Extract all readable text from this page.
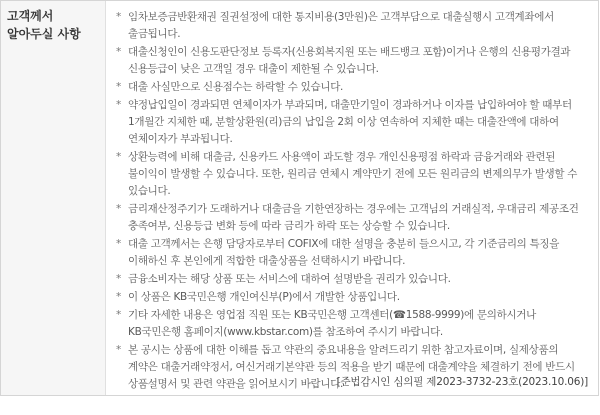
고객께서 알아두실 사항

* 임차보증금반환채권 질권설정에 대한 통지비용(3만원)은 고객부담으로 대출실행시 고객계좌에서 출금됩니다.
* 대출신청인이 신용도판단정보 등록자(신용회복지원 또는 배드뱅크 포함)이거나 은행의 신용평가결과 신용등급이 낮은 고객일 경우 대출이 제한될 수 있습니다.
* 대출 사실만으로 신용점수는 하락할 수 있습니다.
* 약정납입일이 경과되면 연체이자가 부과되며, 대출만기일이 경과하거나 이자를 납입하여야 할 때부터 1개월간 지체한 때, 분할상환원(리)금의 납입을 2회 이상 연속하여 지체한 때는 대출잔액에 대하여 연체이자가 부과됩니다.
* 상환능력에 비해 대출금, 신용카드 사용액이 과도할 경우 개인신용평점 하락과 금융거래와 관련된 불이익이 발생할 수 있습니다. 또한, 원리금 연체시 계약만기 전에 모든 원리금의 변제의무가 발생할 수 있습니다.
* 금리재산정주기가 도래하거나 대출금을 기한연장하는 경우에는 고객님의 거래실적, 우대금리 제공조건 충족여부, 신용등급 변화 등에 따라 금리가 하락 또는 상승할 수 있습니다.
* 대출 고객께서는 은행 담당자로부터 COFIX에 대한 설명을 충분히 들으시고, 각 기준금리의 특징을 이해하신 후 본인에게 적합한 대출상품을 선택하시기 바랍니다.
* 금융소비자는 해당 상품 또는 서비스에 대하여 설명받을 권리가 있습니다.
* 이 상품은 KB국민은행 개인여신부(P)에서 개발한 상품입니다.
* 기타 자세한 내용은 영업점 직원 또는 KB국민은행 고객센터(☎1588-9999)에 문의하시거나 KB국민은행 홈페이지(www.kbstar.com)를 참조하여 주시기 바랍니다.
* 본 공시는 상품에 대한 이해를 돕고 약관의 중요내용을 알려드리기 위한 참고자료이며, 실제상품의 계약은 대출거래약정서, 여신거래기본약관 등의 적용을 받기 때문에 대출계약을 체결하기 전에 반드시 상품설명서 및 관련 약관을 읽어보시기 바랍니다.
[준법감시인 심의필 제2023-3732-23호(2023.10.06)]
